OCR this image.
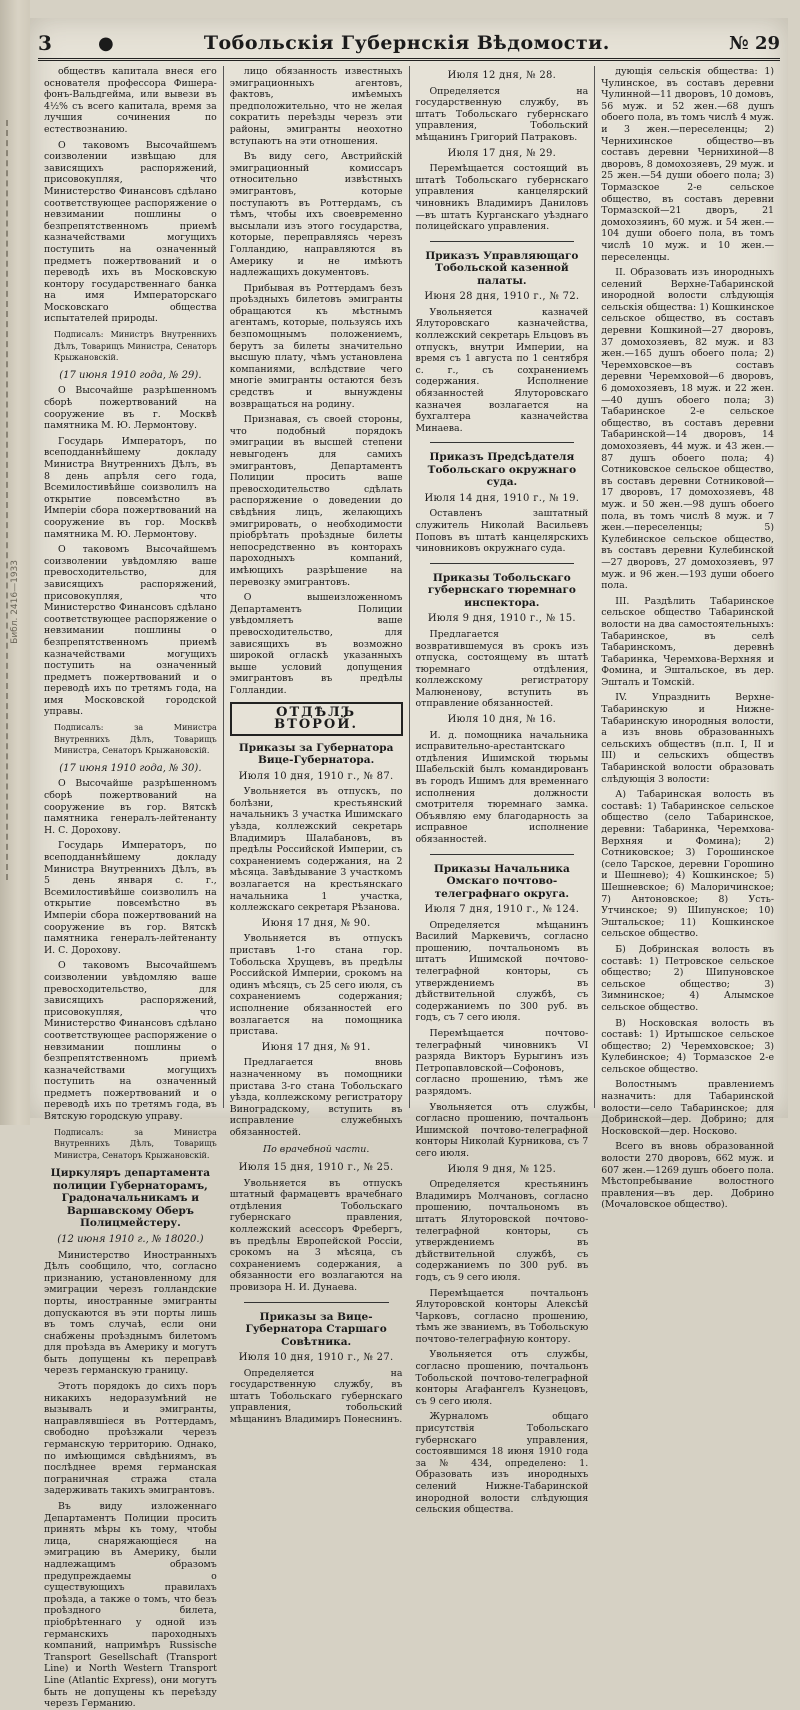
Библ. 2416—1933
3	●	Тобольскія Губернскія Вѣдомости.	№ 29

обществъ капитала внеся его основателя профессора Фишера-фонъ-Вальдгейма, или вывези въ 4½% съ всего капитала, время за лучшия сочинения по естествознанию.

О таковомъ Высочайшемъ соизволении извѣщаю для зависящихъ распоряжений, присовокупляя, что Министерство Финансовъ сдѣлано соответствующее распоряжение о невзимании пошлины о безпрепятственномъ приемѣ казначействами могущихъ поступить на означенный предметъ пожертвований и о переводѣ ихъ въ Московскую контору государственнаго банка на имя Императорскаго Московскаго общества испытателей природы.

Подписалъ: Министръ Внутреннихъ Дѣлъ, Товарищъ Министра, Сенаторъ Крыжановскій.

(17 июня 1910 года, № 29).

О Высочайше разрѣшенномъ сборѣ пожертвований на сооружение въ г. Москвѣ памятника М. Ю. Лермонтову.

Государь Императоръ, по всеподданнѣйшему докладу Министра Внутреннихъ Дѣлъ, въ 8 день апрѣля сего года, Всемилостивѣйше соизволилъ на открытие повсемѣстно въ Имперіи сбора пожертвований на сооружение въ гор. Москвѣ памятника М. Ю. Лермонтову.

О таковомъ Высочайшемъ соизволении увѣдомляю ваше превосходительство, для зависящихъ распоряжений, присовокупляя, что Министерство Финансовъ сдѣлано соответствующее распоряжение о невзимании пошлины о безпрепятственномъ приемѣ казначействами могущихъ поступить на означенный предметъ пожертвований и о переводѣ ихъ по третямъ года, на имя Московской городской управы.

Подписалъ: за Министра Внутреннихъ Дѣлъ, Товарищъ Министра, Сенаторъ Крыжановскій.

(17 июня 1910 года, № 30).

О Высочайше разрѣшенномъ сборѣ пожертвований на сооружение въ гор. Вятскѣ памятника генералъ-лейтенанту Н. С. Дорохову.

Государь Императоръ, по всеподданнѣйшему докладу Министра Внутреннихъ Дѣлъ, въ 5 день января с. г., Всемилостивѣйше соизволилъ на открытие повсемѣстно въ Имперіи сбора пожертвований на сооружение въ гор. Вятскѣ памятника генералъ-лейтенанту И. С. Дорохову.

О таковомъ Высочайшемъ соизволении увѣдомляю ваше превосходительство, для зависящихъ распоряжений, присовокупляя, что Министерство Финансовъ сдѣлано соответствующее распоряжение о невзимании пошлины о безпрепятственномъ приемѣ казначействами могущихъ поступить на означенный предметъ пожертвований и о переводѣ ихъ по третямъ года, въ Вятскую городскую управу.

Подписалъ: за Министра Внутреннихъ Дѣлъ, Товарищъ Министра, Сенаторъ Крыжановскій.

Циркуляръ департамента полиции Губернаторамъ, Градоначальникамъ и Варшавскому Оберъ Полицмейстеру.

(12 июня 1910 г., № 18020.)

Министерство Иностранныхъ Дѣлъ сообщило, что, согласно признанию, установленному для эмиграции черезъ голландские порты, иностранные эмигранты допускаются въ эти порты лишь въ томъ случаѣ, если они снабжены проѣзднымъ билетомъ для проѣзда въ Америку и могутъ быть допущены къ переправѣ черезъ германскую границу.

Этотъ порядокъ до сихъ поръ никакихъ недоразумѣний не вызывалъ и эмигранты, направлявшіеся въ Роттердамъ, свободно проѣзжали черезъ германскую территорию. Однако, по имѣющимся свѣдѣниямъ, въ послѣднее время германская пограничная стража стала задерживать такихъ эмигрантовъ.

Въ виду изложеннаго Департаментъ Полиции просить принять мѣры къ тому, чтобы лица, снаряжающіеся на эмиграцию въ Америку, были надлежащимъ образомъ предупреждаемы о существующихъ правилахъ проѣзда, а также о томъ, что безъ проѣздного билета, пріобрѣтеннаго у одной изъ германскихъ пароходныхъ компаний, напримѣръ Russische Transport Gesellschaft (Transport Line) и North Western Transport Line (Atlantic Express), они могутъ быть не допущены къ переѣзду черезъ Германию.

лицо обязанность известныхъ эмиграционныхъ агентовъ, фактовъ, имѣемыхъ предположительно, что не желая сократить переѣзды черезъ эти районы, эмигранты неохотно вступаютъ на эти отношения.

Въ виду сего, Австрийскій эмиграционный комиссаръ относительно извѣстныхъ эмигрантовъ, которые поступаютъ въ Роттердамъ, съ тѣмъ, чтобы ихъ своевременно высылали изъ этого государства, которые, переправляясь черезъ Голландию, направляются въ Америку и не имѣютъ надлежащихъ документовъ.

Прибывая въ Роттердамъ безъ проѣздныхъ билетовъ эмигранты обращаются къ мѣстнымъ агентамъ, которые, пользуясь ихъ безпомощнымъ положениемъ, берутъ за билеты значительно высшую плату, чѣмъ установлена компаниями, вслѣдствие чего многіе эмигранты остаются безъ средствъ и вынуждены возвращаться на родину.

Признавая, съ своей стороны, что подобный порядокъ эмиграции въ высшей степени невыгоденъ для самихъ эмигрантовъ, Департаментъ Полиции просить ваше превосходительство сдѣлать распоряжение о доведении до свѣдѣния лицъ, желающихъ эмигрировать, о необходимости пріобрѣтать проѣздные билеты непосредственно въ конторахъ пароходныхъ компаний, имѣющихъ разрѣшение на перевозку эмигрантовъ.

О вышеизложенномъ Департаментъ Полиции увѣдомляетъ ваше превосходительство, для зависящихъ въ возможно широкой огласкѣ указанныхъ выше условий допущения эмигрантовъ въ предѣлы Голландии.

ОТДѢЛЪ ВТОРОЙ.

Приказы за Губернатора Вице-Губернатора.

Июля 10 дня, 1910 г., № 87.

Увольняется въ отпускъ, по болѣзни, крестьянский начальникъ 3 участка Ишимскаго уѣзда, коллежский секретарь Владимиръ Шалабановъ, въ предѣлы Российской Империи, съ сохранениемъ содержания, на 2 мѣсяца. Завѣдывание 3 участкомъ возлагается на крестьянскаго начальника 1 участка, коллежскаго секретаря Рѣзанова.

Июня 17 дня, № 90.

Увольняется въ отпускъ приставъ 1-го стана гор. Тобольска Хрущевъ, въ предѣлы Российской Империи, срокомъ на одинъ мѣсяцъ, съ 25 сего июля, съ сохранениемъ содержания; исполнение обязанностей его возлагается на помощника пристава.

Июня 17 дня, № 91.

Предлагается вновь назначенному въ помощники пристава 3-го стана Тобольскаго уѣзда, коллежскому регистратору Виноградскому, вступить въ исправление служебныхъ обязанностей.

По врачебной части.
Июля 15 дня, 1910 г., № 25.

Увольняется въ отпускъ штатный фармацевтъ врачебнаго отдѣления Тобольскаго губернскаго правления, коллежский асессоръ Фребергъ, въ предѣлы Европейской Россіи, срокомъ на 3 мѣсяца, съ сохранениемъ содержания, а обязанности его возлагаются на провизора Н. И. Дунаева.

Приказы за Вице-Губернатора Старшаго Совѣтника.

Июля 10 дня, 1910 г., № 27.

Определяется на государственную службу, въ штатъ Тобольскаго губернскаго управления, тобольский мѣщанинъ Владимиръ Понеснинъ.

Июля 12 дня, № 28.

Определяется на государственную службу, въ штатъ Тобольскаго губернскаго управления, Тобольский мѣщанинъ Григорий Патраковъ.

Июля 17 дня, № 29.

Перемѣщается состоящий въ штатѣ Тобольскаго губернскаго управления канцелярский чиновникъ Владимиръ Даниловъ—въ штатъ Курганскаго уѣзднаго полицейскаго управления.

Приказъ Управляющаго Тобольской казенной палаты.

Июня 28 дня, 1910 г., № 72.

Увольняется казначей Ялуторовскаго казначейства, коллежский секретарь Ельцовъ въ отпускъ, внутри Империи, на время съ 1 августа по 1 сентября с. г., съ сохранениемъ содержания. Исполнение обязанностей Ялуторовскаго казначея возлагается на бухгалтера казначейства Минаева.

Приказъ Предсѣдателя Тобольскаго окружнаго суда.

Июля 14 дня, 1910 г., № 19.

Оставленъ заштатный служитель Николай Васильевъ Поповъ въ штатѣ канцелярскихъ чиновниковъ окружнаго суда.

Приказы Тобольскаго губернскаго тюремнаго инспектора.

Июля 9 дня, 1910 г., № 15.

Предлагается возвратившемуся въ срокъ изъ отпуска, состоящему въ штатѣ тюремнаго отдѣления, коллежскому регистратору Малюненову, вступить въ отправление обязанностей.

Июля 10 дня, № 16.

И. д. помощника начальника исправительно-арестантскаго отдѣления Ишимской тюрьмы Шабельскій былъ командированъ въ городъ Ишимъ для временнаго исполнения должности смотрителя тюремнаго замка. Объявляю ему благодарность за исправное исполнение обязанностей.

Приказы Начальника Омскаго почтово-телеграфнаго округа.

Июля 7 дня, 1910 г., № 124.

Определяется мѣщанинъ Василий Маркевичъ, согласно прошению, почтальономъ въ штатъ Ишимской почтово-телеграфной конторы, съ утверждениемъ въ дѣйствительной службѣ, съ содержаниемъ по 300 руб. въ годъ, съ 7 сего июля.

Перемѣщается почтово-телеграфный чиновникъ VI разряда Викторъ Бурыгинъ изъ Петропавловской—Софоновъ, согласно прошению, тѣмъ же разрядомъ.

Увольняется отъ службы, согласно прошению, почтальонъ Ишимской почтово-телеграфной конторы Николай Курникова, съ 7 сего июля.

Июля 9 дня, № 125.

Определяется крестьянинъ Владимиръ Молчановъ, согласно прошению, почтальономъ въ штатъ Ялуторовской почтово-телеграфной конторы, съ утверждениемъ въ дѣйствительной службѣ, съ содержаниемъ по 300 руб. въ годъ, съ 9 сего июля.

Перемѣщается почтальонъ Ялуторовской конторы Алексѣй Чарковъ, согласно прошению, тѣмъ же званиемъ, въ Тобольскую почтово-телеграфную контору.

Увольняется отъ службы, согласно прошению, почтальонъ Тобольской почтово-телеграфной конторы Агафангелъ Кузнецовъ, съ 9 сего июля.

Журналомъ общаго присутствія Тобольскаго губернскаго управления, состоявшимся 18 июня 1910 года за № 434, определено: 1. Образовать изъ инородныхъ селений Нижне-Табаринской инородной волости слѣдующия сельския общества.

дующія сельскія общества: 1) Чулинское, въ составъ деревни Чулинной—11 дворовъ, 10 домовъ, 56 муж. и 52 жен.—68 душъ обоего пола, въ томъ числѣ 4 муж. и 3 жен.—переселенцы; 2) Чернихинское общество—въ составъ деревни Чернихиной—8 дворовъ, 8 домохозяевъ, 29 муж. и 25 жен.—54 души обоего пола; 3) Тормазское 2-е сельское общество, въ составъ деревни Тормазской—21 дворъ, 21 домохозяинъ, 60 муж. и 54 жен.—104 души обоего пола, въ томъ числѣ 10 муж. и 10 жен.—переселенцы.

II. Образовать изъ инородныхъ селений Верхне-Табаринской инородной волости слѣдующія сельскія общества: 1) Кошкинское сельское общество, въ составъ деревни Кошкиной—27 дворовъ, 37 домохозяевъ, 82 муж. и 83 жен.—165 душъ обоего пола; 2) Черемховское—въ составъ деревни Черемховой—6 дворовъ, 6 домохозяевъ, 18 муж. и 22 жен.—40 душъ обоего пола; 3) Табаринское 2-е сельское общество, въ составъ деревни Табаринской—14 дворовъ, 14 домохозяевъ, 44 муж. и 43 жен.—87 душъ обоего пола; 4) Сотниковское сельское общество, въ составъ деревни Сотниковой—17 дворовъ, 17 домохозяевъ, 48 муж. и 50 жен.—98 душъ обоего пола, въ томъ числѣ 8 муж. и 7 жен.—переселенцы; 5) Кулебинское сельское общество, въ составъ деревни Кулебинской—27 дворовъ, 27 домохозяевъ, 97 муж. и 96 жен.—193 души обоего пола.

III. Раздѣлить Табаринское сельское общество Табаринской волости на два самостоятельныхъ: Табаринское, въ селѣ Табаринскомъ, деревнѣ Табаринка, Черемхова-Верхняя и Фомина, и Эштальское, въ дер. Эшталъ и Томскій.

IV. Упразднить Верхне-Табаринскую и Нижне-Табаринскую инородныя волости, а изъ вновь образованныхъ сельскихъ обществъ (п.п. I, II и III) и сельскихъ обществъ Табаринской волости образовать слѣдующія 3 волости:

А) Табаринская волость въ составѣ: 1) Табаринское сельское общество (село Табаринское, деревни: Табаринка, Черемхова-Верхняя и Фомина); 2) Сотниковское; 3) Горошинское (село Тарское, деревни Горошино и Шешнево); 4) Кошкинское; 5) Шешневское; 6) Малоричинское; 7) Антоновское; 8) Усть-Утчинское; 9) Шипунское; 10) Эштальское; 11) Кошкинское сельское общество.

Б) Добринская волость въ составѣ: 1) Петровское сельское общество; 2) Шипуновское сельское общество; 3) Зимнинское; 4) Алымское сельское общество.

В) Носковская волость въ составѣ: 1) Иртышское сельское общество; 2) Черемховское; 3) Кулебинское; 4) Тормазское 2-е сельское общество.

Волостнымъ правлениемъ назначить: для Табаринской волости—село Табаринское; для Добринской—дер. Добрино; для Носковской—дер. Носково.

Всего въ вновь образованной волости 270 дворовъ, 662 муж. и 607 жен.—1269 душъ обоего пола. Мѣстопребывание волостного правления—въ дер. Добрино (Мочаловское общество).
